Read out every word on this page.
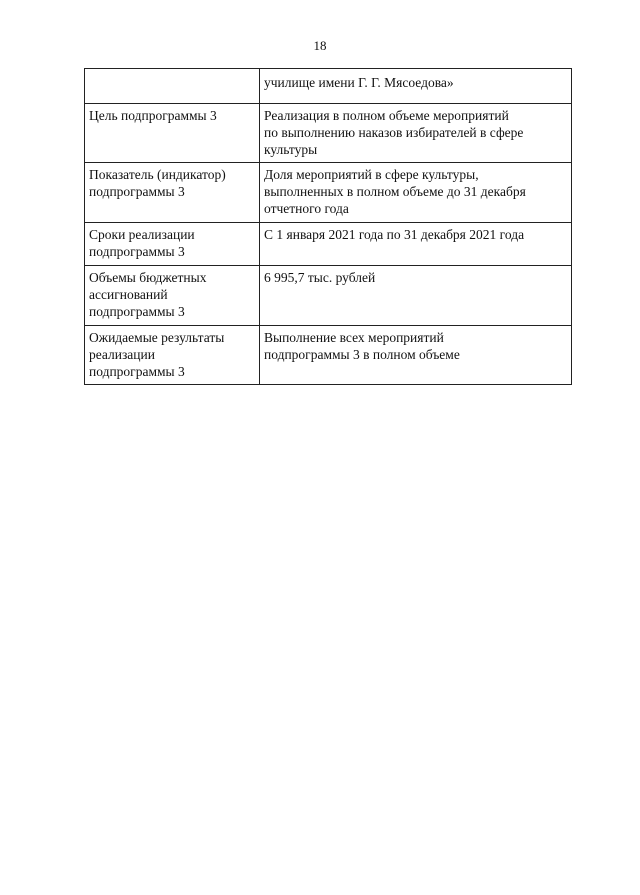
18

	училище имени Г. Г. Мясоедова»

Цель подпрограммы 3	Реализация в полном объеме мероприятий
по выполнению наказов избирателей в сфере
культуры

Показатель (индикатор)
подпрограммы 3	Доля мероприятий в сфере культуры,
выполненных в полном объеме до 31 декабря
отчетного года

Сроки реализации
подпрограммы 3	С 1 января 2021 года по 31 декабря 2021 года

Объемы бюджетных
ассигнований
подпрограммы 3	6 995,7 тыс. рублей

Ожидаемые результаты
реализации
подпрограммы 3	Выполнение всех мероприятий
подпрограммы 3 в полном объеме
